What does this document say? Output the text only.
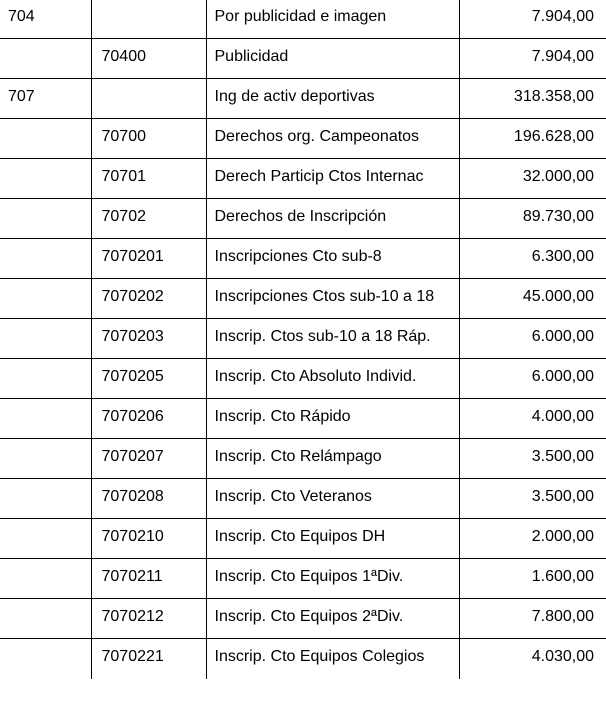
704		Por publicidad e imagen	7.904,00
	70400	Publicidad	7.904,00
707		Ing de activ deportivas	318.358,00
	70700	Derechos org. Campeonatos	196.628,00
	70701	Derech Particip Ctos Internac	32.000,00
	70702	Derechos de Inscripción	89.730,00
	7070201	Inscripciones Cto sub-8	6.300,00
	7070202	Inscripciones Ctos sub-10 a 18	45.000,00
	7070203	Inscrip. Ctos sub-10 a 18 Ráp.	6.000,00
	7070205	Inscrip. Cto Absoluto Individ.	6.000,00
	7070206	Inscrip. Cto Rápido	4.000,00
	7070207	Inscrip. Cto Relámpago	3.500,00
	7070208	Inscrip. Cto Veteranos	3.500,00
	7070210	Inscrip. Cto Equipos DH	2.000,00
	7070211	Inscrip. Cto Equipos 1ªDiv.	1.600,00
	7070212	Inscrip. Cto Equipos 2ªDiv.	7.800,00
	7070221	Inscrip. Cto Equipos Colegios	4.030,00
